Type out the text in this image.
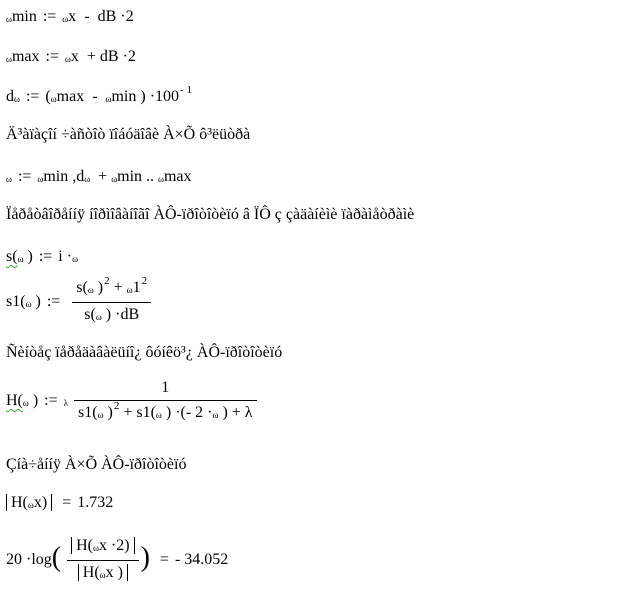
ωmin := ωx - dB ·2
ωmax := ωx + dB ·2
dω := (ωmax - ωmin ) $\cdot 100^{- 1}$
Ä³àïàçîí ÷àñòîò ïîáóäîâè À×Õ ô³ëüòðà
ω := ωmin ,dω + ωmin .. ωmax
Ïåðåòâîðåííÿ íîðìîâàíîãî ÀÔ-ïðîòîòèïó â ÏÔ ç çàäàíèìè ïàðàìåòðàìè
s(ω ) := i ·ω
s1(ω ) := $\frac{s(\omega )^2 + \omega 1^2}{s(\omega ) \cdot dB}$
Ñèíòåç ïåðåäàâàëüíî¿ ôóíêö³¿ ÀÔ-ïðîòîòèïó
H(ω ) := λ
1
s1(ω )$^2$ + s1(ω ) ·(- 2 ·ω ) + λ
Çíà÷åííÿ À×Õ ÀÔ-ïðîòîòèïó
H(ωx) = 1.732
$20 \cdot\log( \frac{H(\omega x \cdot 2)}{H(\omega x )}$ ) = - 34.052
